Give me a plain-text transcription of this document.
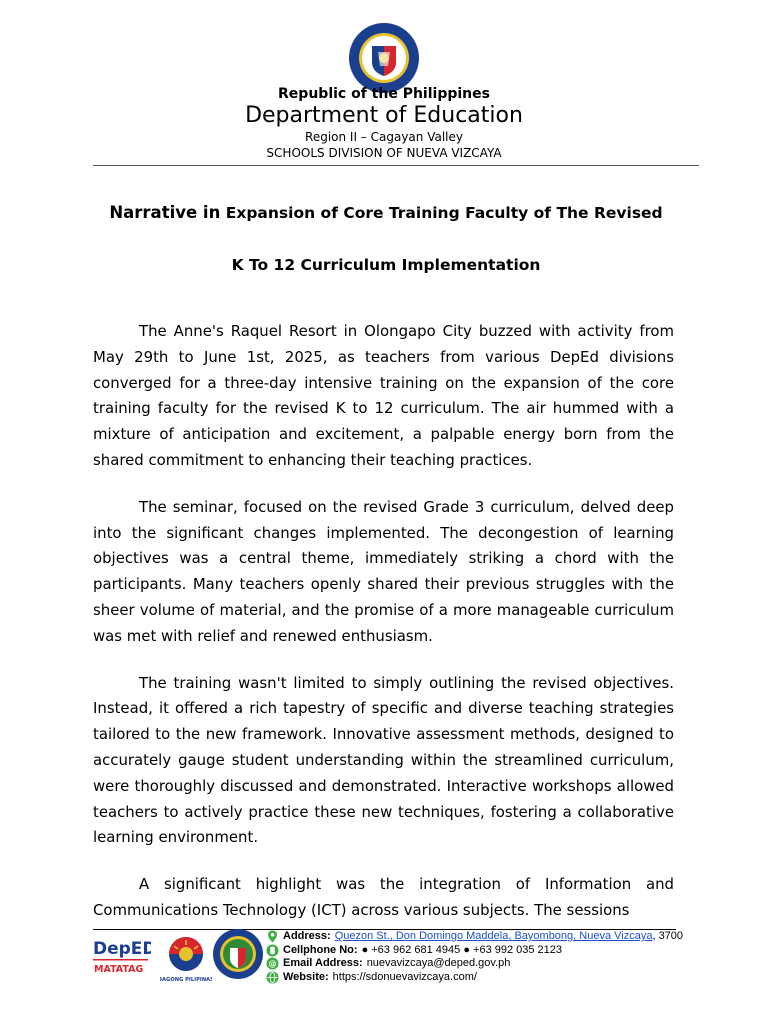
Republic of the Philippines
Department of Education
Region II – Cagayan Valley
SCHOOLS DIVISION OF NUEVA VIZCAYA
Narrative in Expansion of Core Training Faculty of The Revised
K To 12 Curriculum Implementation

The Anne's Raquel Resort in Olongapo City buzzed with activity from May 29th to June 1st, 2025, as teachers from various DepEd divisions converged for a three-day intensive training on the expansion of the core training faculty for the revised K to 12 curriculum. The air hummed with a mixture of anticipation and excitement, a palpable energy born from the shared commitment to enhancing their teaching practices.

The seminar, focused on the revised Grade 3 curriculum, delved deep into the significant changes implemented. The decongestion of learning objectives was a central theme, immediately striking a chord with the participants. Many teachers openly shared their previous struggles with the sheer volume of material, and the promise of a more manageable curriculum was met with relief and renewed enthusiasm.

The training wasn't limited to simply outlining the revised objectives. Instead, it offered a rich tapestry of specific and diverse teaching strategies tailored to the new framework. Innovative assessment methods, designed to accurately gauge student understanding within the streamlined curriculum, were thoroughly discussed and demonstrated. Interactive workshops allowed teachers to actively practice these new techniques, fostering a collaborative learning environment.

A significant highlight was the integration of Information and Communications Technology (ICT) across various subjects. The sessions

DepED
MATATAG
BAGONG PILIPINAS
Address: Quezon St., Don Domingo Maddela, Bayombong, Nueva Vizcaya , 3700
Cellphone No: ● +63 962 681 4945 ● +63 992 035 2123
@ Email Address: nuevavizcaya@deped.gov.ph
Website: https://sdonuevavizcaya.com/
